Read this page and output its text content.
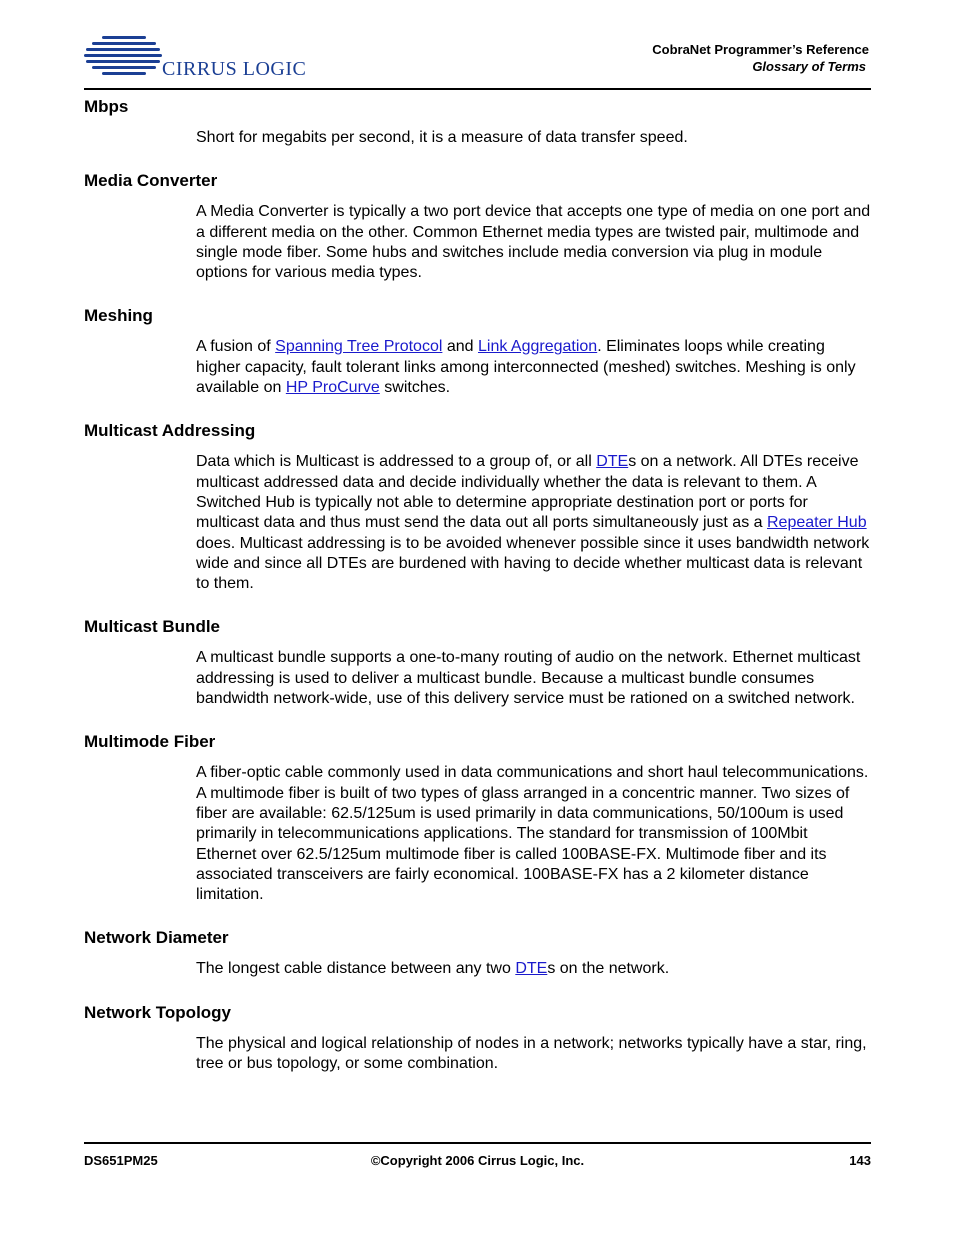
CIRRUS LOGIC
CobraNet Programmer’s Reference
Glossary of Terms
Mbps
Short for megabits per second, it is a measure of data transfer speed.
Media Converter
A Media Converter is typically a two port device that accepts one type of media on one port and a different media on the other. Common Ethernet media types are twisted pair, multimode and single mode fiber. Some hubs and switches include media conversion via plug in module options for various media types.
Meshing
A fusion of Spanning Tree Protocol and Link Aggregation. Eliminates loops while creating higher capacity, fault tolerant links among interconnected (meshed) switches. Meshing is only available on HP ProCurve switches.
Multicast Addressing
Data which is Multicast is addressed to a group of, or all DTEs on a network. All DTEs receive multicast addressed data and decide individually whether the data is relevant to them. A Switched Hub is typically not able to determine appropriate destination port or ports for multicast data and thus must send the data out all ports simultaneously just as a Repeater Hub does. Multicast addressing is to be avoided whenever possible since it uses bandwidth network wide and since all DTEs are burdened with having to decide whether multicast data is relevant to them.
Multicast Bundle
A multicast bundle supports a one-to-many routing of audio on the network. Ethernet multicast addressing is used to deliver a multicast bundle. Because a multicast bundle consumes bandwidth network-wide, use of this delivery service must be rationed on a switched network.
Multimode Fiber
A fiber-optic cable commonly used in data communications and short haul telecommunications. A multimode fiber is built of two types of glass arranged in a concentric manner. Two sizes of fiber are available: 62.5/125um is used primarily in data communications, 50/100um is used primarily in telecommunications applications. The standard for transmission of 100Mbit Ethernet over 62.5/125um multimode fiber is called 100BASE-FX. Multimode fiber and its associated transceivers are fairly economical. 100BASE-FX has a 2 kilometer distance limitation.
Network Diameter
The longest cable distance between any two DTEs on the network.
Network Topology
The physical and logical relationship of nodes in a network; networks typically have a star, ring, tree or bus topology, or some combination.
DS651PM25	©Copyright 2006 Cirrus Logic, Inc.	143
